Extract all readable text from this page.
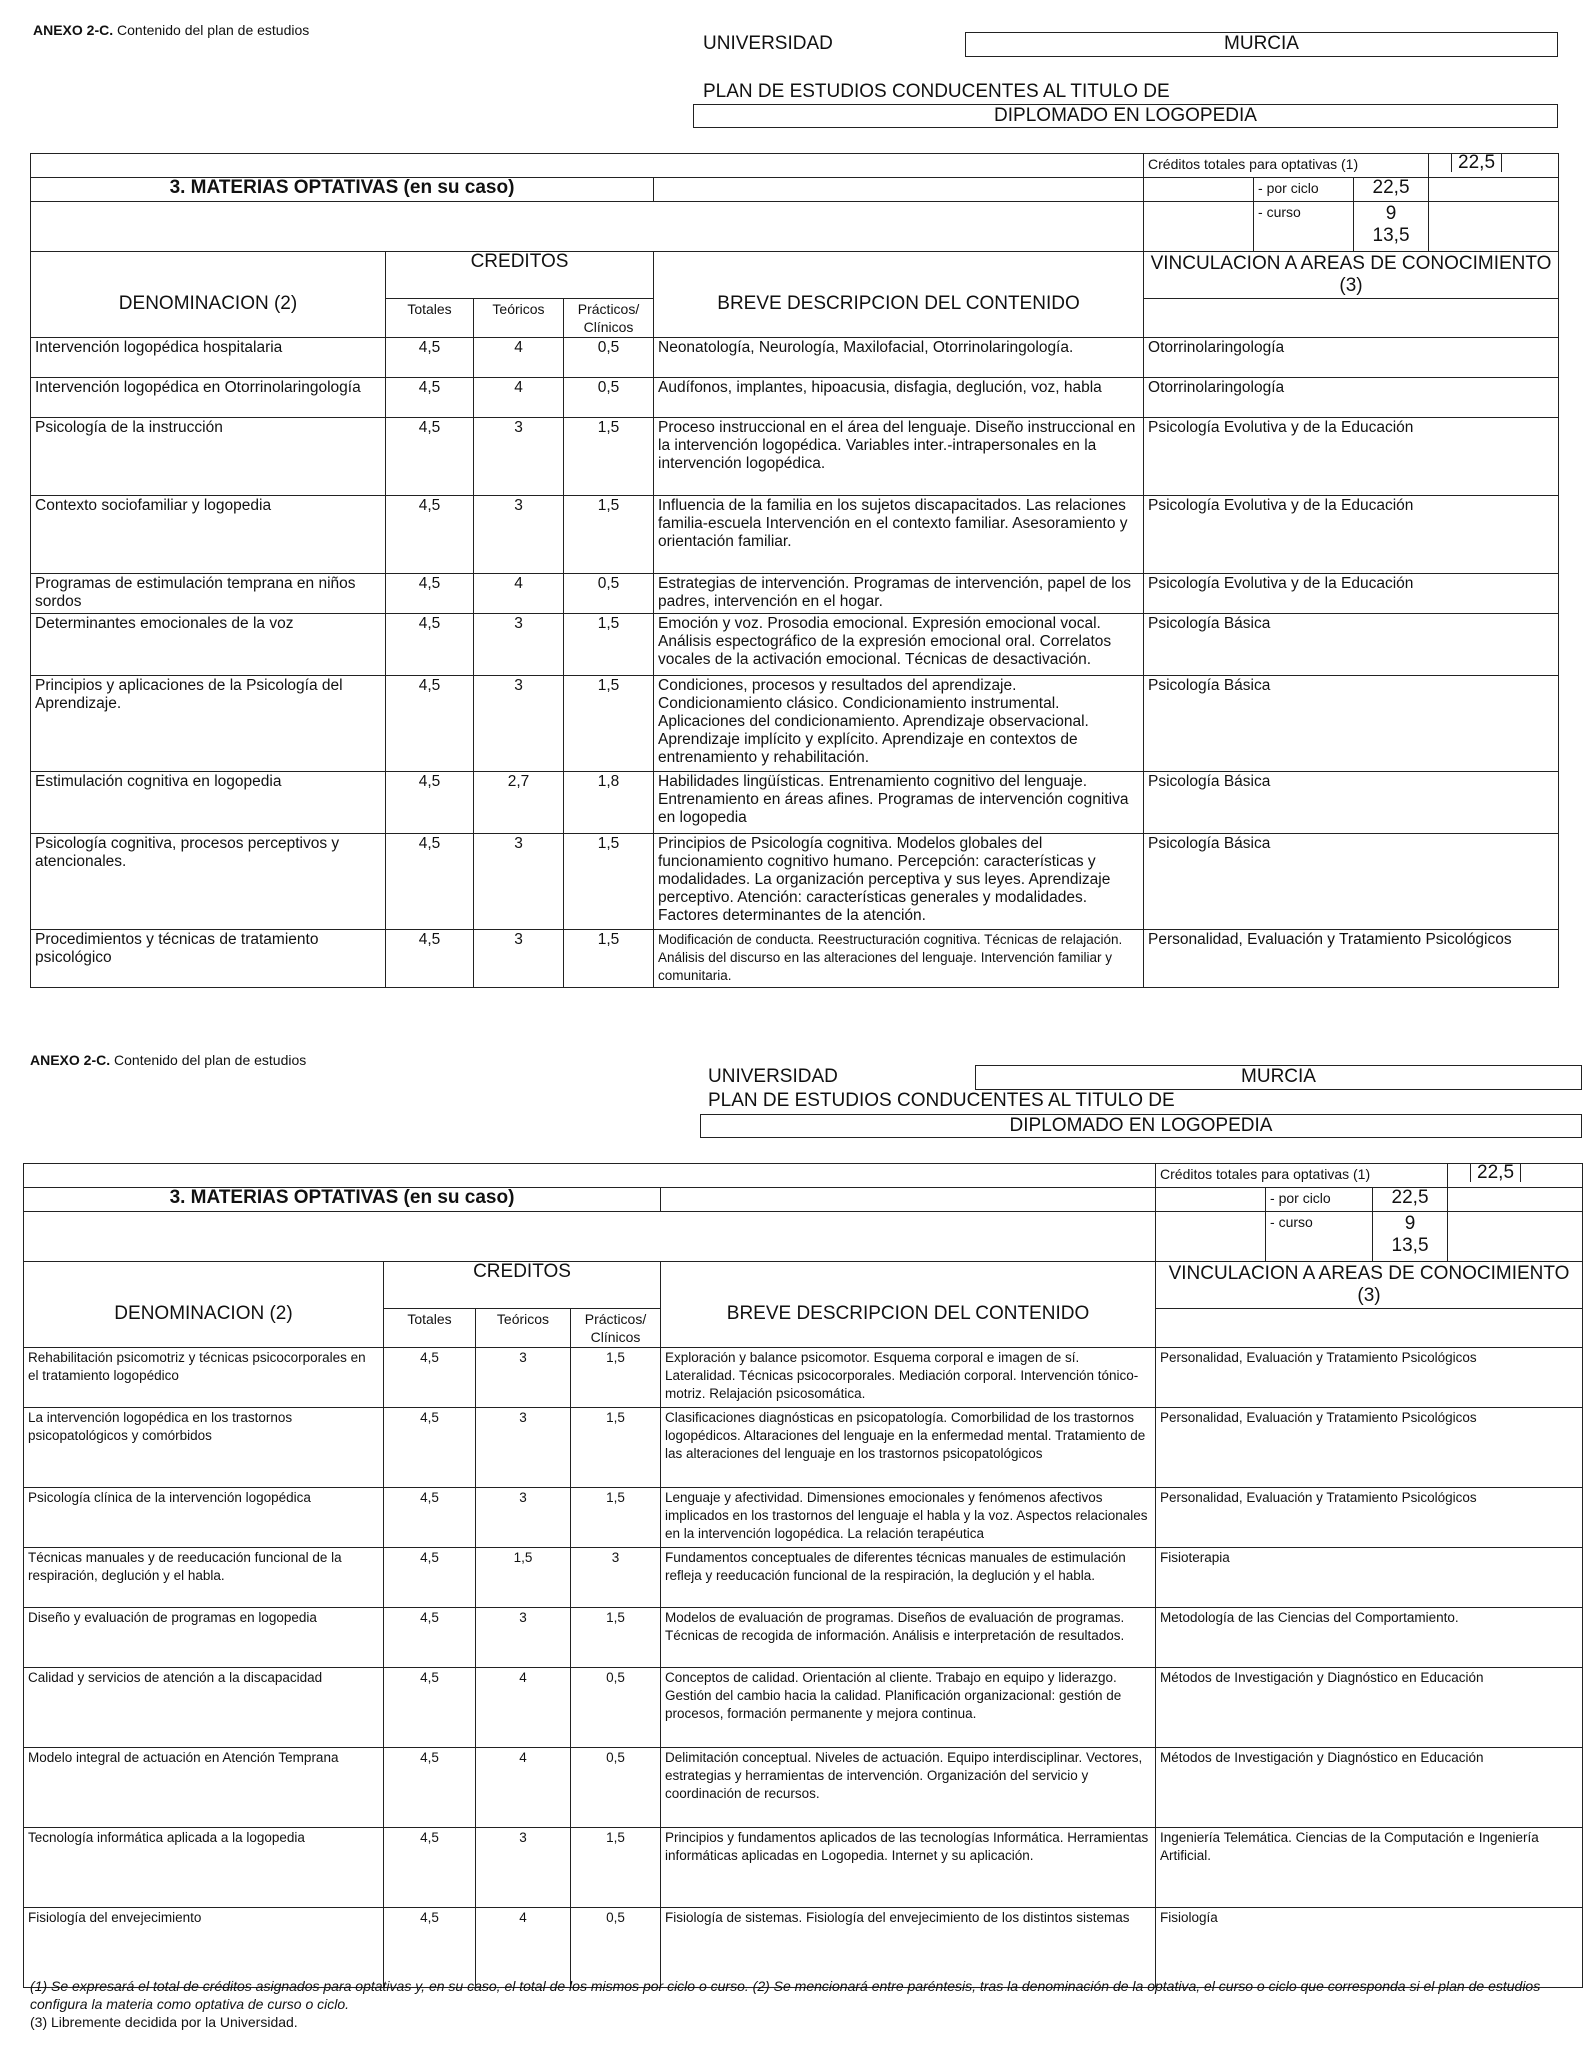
ANEXO 2-C. Contenido del plan de estudios
UNIVERSIDAD	MURCIA
PLAN DE ESTUDIOS CONDUCENTES AL TITULO DE
DIPLOMADO EN LOGOPEDIA
					Créditos totales para optativas (1)			22,5
3. MATERIAS OPTATIVAS (en su caso)						- por ciclo	22,5	
						- curso	9
13,5	

DENOMINACION (2)	CREDITOS			BREVE DESCRIPCION DEL CONTENIDO	VINCULACION A AREAS DE CONOCIMIENTO (3)			
	Totales	Teóricos	Prácticos/ Clínicos					
Intervención logopédica hospitalaria	4,5	4	0,5	Neonatología, Neurología, Maxilofacial, Otorrinolaringología.	Otorrinolaringología			
Intervención logopédica en Otorrinolaringología	4,5	4	0,5	Audífonos, implantes, hipoacusia, disfagia, deglución, voz, habla	Otorrinolaringología			
Psicología de la instrucción	4,5	3	1,5	Proceso instruccional en el área del lenguaje. Diseño instruccional en la intervención logopédica. Variables inter.-intrapersonales en la intervención logopédica.	Psicología Evolutiva y de la Educación			
Contexto sociofamiliar y logopedia	4,5	3	1,5	Influencia de la familia en los sujetos discapacitados. Las relaciones familia-escuela Intervención en el contexto familiar. Asesoramiento y orientación familiar.	Psicología Evolutiva y de la Educación			
Programas de estimulación temprana en niños sordos	4,5	4	0,5	Estrategias de intervención. Programas de intervención, papel de los padres, intervención en el hogar.	Psicología Evolutiva y de la Educación			
Determinantes emocionales de la voz	4,5	3	1,5	Emoción y voz. Prosodia emocional. Expresión emocional vocal. Análisis espectográfico de la expresión emocional oral. Correlatos vocales de la activación emocional. Técnicas de desactivación.	Psicología Básica			
Principios y aplicaciones de la Psicología del Aprendizaje.	4,5	3	1,5	Condiciones, procesos y resultados del aprendizaje. Condicionamiento clásico. Condicionamiento instrumental. Aplicaciones del condicionamiento. Aprendizaje observacional. Aprendizaje implícito y explícito. Aprendizaje en contextos de entrenamiento y rehabilitación.	Psicología Básica			
Estimulación cognitiva en logopedia	4,5	2,7	1,8	Habilidades lingüísticas. Entrenamiento cognitivo del lenguaje. Entrenamiento en áreas afines. Programas de intervención cognitiva en logopedia	Psicología Básica			
Psicología cognitiva, procesos perceptivos y atencionales.	4,5	3	1,5	Principios de Psicología cognitiva. Modelos globales del funcionamiento cognitivo humano. Percepción: características y modalidades. La organización perceptiva y sus leyes. Aprendizaje perceptivo. Atención: características generales y modalidades. Factores determinantes de la atención.	Psicología Básica			
Procedimientos y técnicas de tratamiento psicológico	4,5	3	1,5	Modificación de conducta. Reestructuración cognitiva. Técnicas de relajación. Análisis del discurso en las alteraciones del lenguaje. Intervención familiar y comunitaria.	Personalidad, Evaluación y Tratamiento Psicológicos			
ANEXO 2-C. Contenido del plan de estudios
UNIVERSIDAD	MURCIA
PLAN DE ESTUDIOS CONDUCENTES AL TITULO DE
DIPLOMADO EN LOGOPEDIA
					Créditos totales para optativas (1)			22,5
3. MATERIAS OPTATIVAS (en su caso)						- por ciclo	22,5	
						- curso	9
13,5	

DENOMINACION (2)	CREDITOS			BREVE DESCRIPCION DEL CONTENIDO	VINCULACION A AREAS DE CONOCIMIENTO (3)			
	Totales	Teóricos	Prácticos/ Clínicos					
Rehabilitación psicomotriz y técnicas psicocorporales en el tratamiento logopédico	4,5	3	1,5	Exploración y balance psicomotor. Esquema corporal e imagen de sí. Lateralidad. Técnicas psicocorporales. Mediación corporal. Intervención tónico-motriz. Relajación psicosomática.	Personalidad, Evaluación y Tratamiento Psicológicos			
La intervención logopédica en los trastornos psicopatológicos y comórbidos	4,5	3	1,5	Clasificaciones diagnósticas en psicopatología. Comorbilidad de los trastornos logopédicos. Altaraciones del lenguaje en la enfermedad mental. Tratamiento de las alteraciones del lenguaje en los trastornos psicopatológicos	Personalidad, Evaluación y Tratamiento Psicológicos			
Psicología clínica de la intervención logopédica	4,5	3	1,5	Lenguaje y afectividad. Dimensiones emocionales y fenómenos afectivos implicados en los trastornos del lenguaje el habla y la voz. Aspectos relacionales en la intervención logopédica. La relación terapéutica	Personalidad, Evaluación y Tratamiento Psicológicos			
Técnicas manuales y de reeducación funcional de la respiración, deglución y el habla.	4,5	1,5	3	Fundamentos conceptuales de diferentes técnicas manuales de estimulación refleja y reeducación funcional de la respiración, la deglución y el habla.	Fisioterapia			
Diseño y evaluación de programas en logopedia	4,5	3	1,5	Modelos de evaluación de programas. Diseños de evaluación de programas. Técnicas de recogida de información. Análisis e interpretación de resultados.	Metodología de las Ciencias del Comportamiento.			
Calidad y servicios de atención a la discapacidad	4,5	4	0,5	Conceptos de calidad. Orientación al cliente. Trabajo en equipo y liderazgo. Gestión del cambio hacia la calidad. Planificación organizacional: gestión de procesos, formación permanente y mejora continua.	Métodos de Investigación y Diagnóstico en Educación			
Modelo integral de actuación en Atención Temprana	4,5	4	0,5	Delimitación conceptual. Niveles de actuación. Equipo interdisciplinar. Vectores, estrategias y herramientas de intervención. Organización del servicio y coordinación de recursos.	Métodos de Investigación y Diagnóstico en Educación			
Tecnología informática aplicada a la logopedia	4,5	3	1,5	Principios y fundamentos aplicados de las tecnologías Informática. Herramientas informáticas aplicadas en Logopedia. Internet y su aplicación.	Ingeniería Telemática. Ciencias de la Computación e Ingeniería Artificial.			
Fisiología del envejecimiento	4,5	4	0,5	Fisiología de sistemas. Fisiología del envejecimiento de los distintos sistemas	Fisiología			
(1) Se expresará el total de créditos asignados para optativas y, en su caso, el total de los mismos por ciclo o curso. (2) Se mencionará entre paréntesis, tras la denominación de la optativa, el curso o ciclo que corresponda si el plan de estudios configura la materia como optativa de curso o ciclo.
(3) Libremente decidida por la Universidad.
